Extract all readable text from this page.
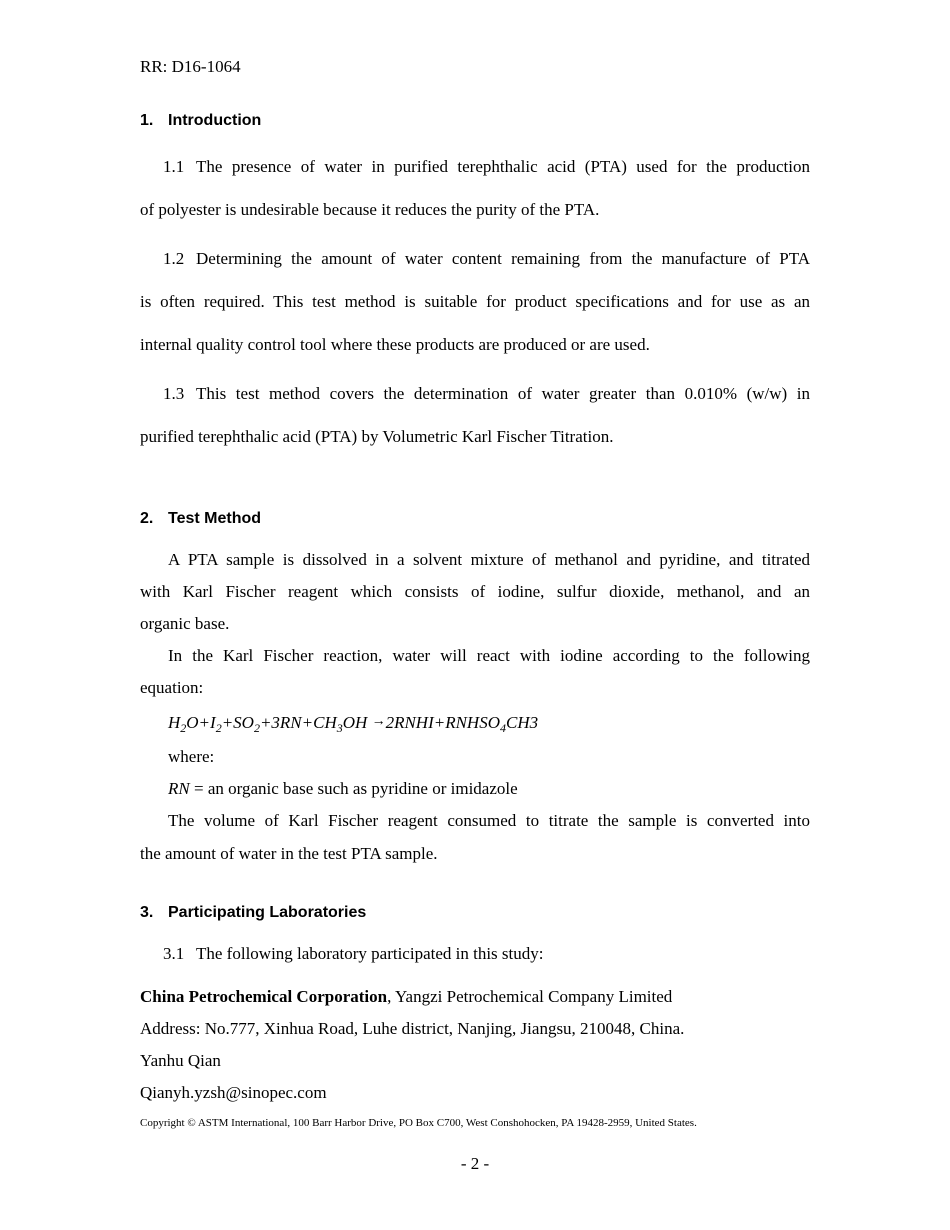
RR: D16-1064
1. Introduction
1.1 The presence of water in purified terephthalic acid (PTA) used for the production
of polyester is undesirable because it reduces the purity of the PTA.
1.2 Determining the amount of water content remaining from the manufacture of PTA
is often required. This test method is suitable for product specifications and for use as an
internal quality control tool where these products are produced or are used.
1.3 This test method covers the determination of water greater than 0.010% (w/w) in
purified terephthalic acid (PTA) by Volumetric Karl Fischer Titration.
2. Test Method
A PTA sample is dissolved in a solvent mixture of methanol and pyridine, and titrated
with Karl Fischer reagent which consists of iodine, sulfur dioxide, methanol, and an
organic base.
In the Karl Fischer reaction, water will react with iodine according to the following
equation:
$H_2O+I_2+SO_2+3RN+CH_3OH$ $\to 2RNHI+RNHSO_4CH3$
where:
RN = an organic base such as pyridine or imidazole
The volume of Karl Fischer reagent consumed to titrate the sample is converted into
the amount of water in the test PTA sample.
3. Participating Laboratories
3.1 The following laboratory participated in this study:
China Petrochemical Corporation, Yangzi Petrochemical Company Limited
Address: No.777, Xinhua Road, Luhe district, Nanjing, Jiangsu, 210048, China.
Yanhu Qian
Qianyh.yzsh@sinopec.com
Copyright © ASTM International, 100 Barr Harbor Drive, PO Box C700, West Conshohocken, PA 19428-2959, United States.
- 2 -
